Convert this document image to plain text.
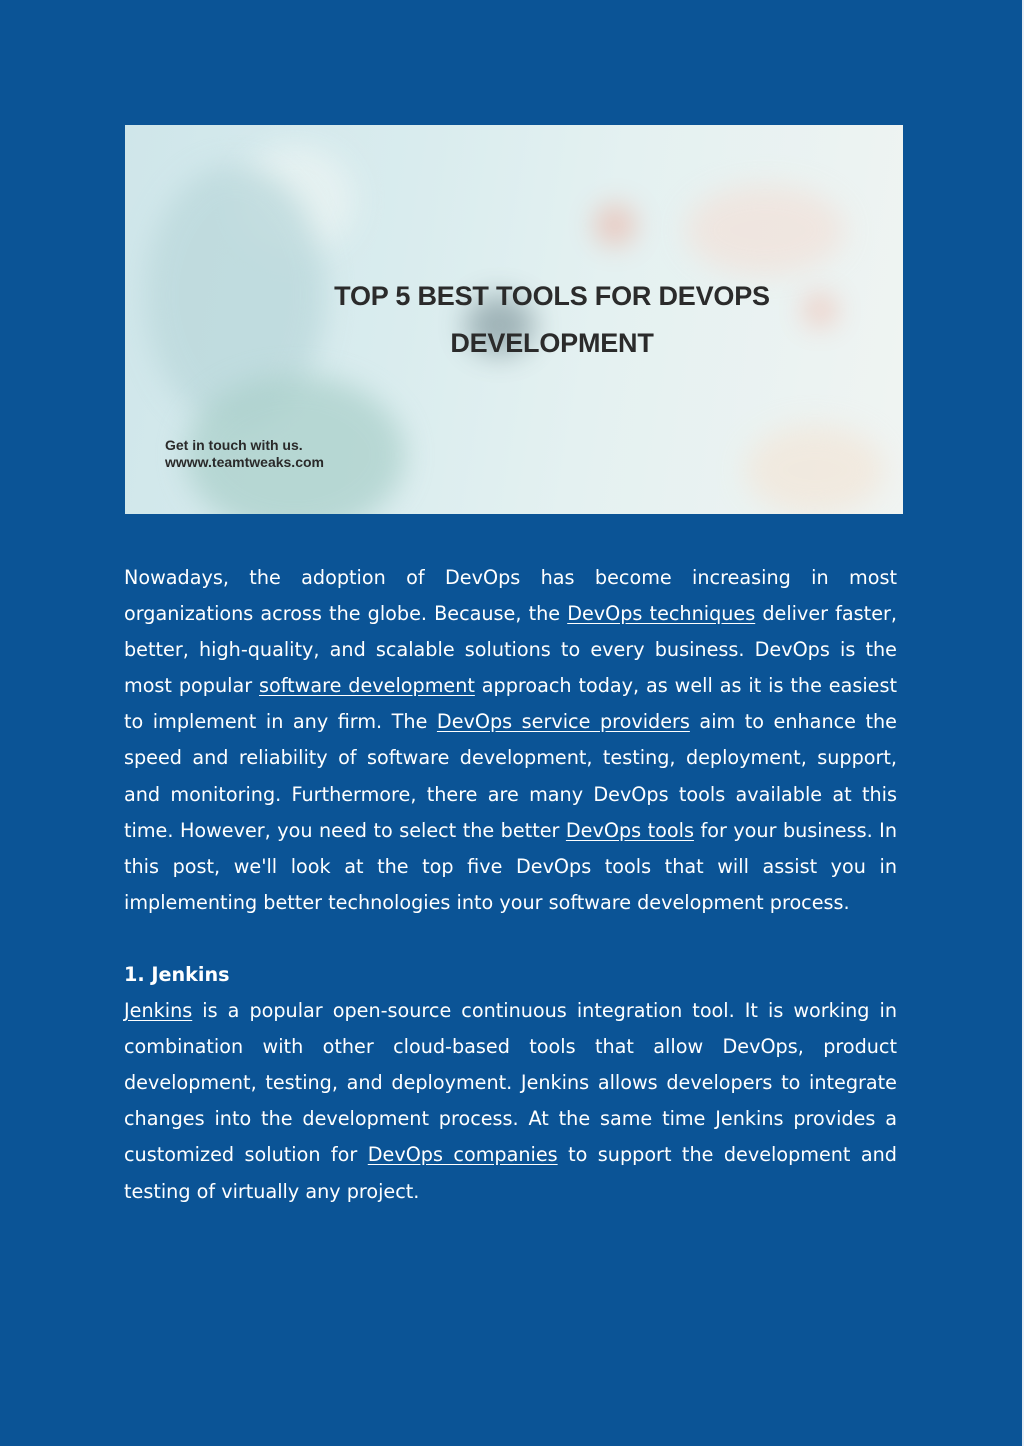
TOP 5 BEST TOOLS FOR DEVOPS
DEVELOPMENT
Get in touch with us.
wwww.teamtweaks.com

Nowadays, the adoption of DevOps has become increasing in most organizations across the globe. Because, the DevOps techniques deliver faster, better, high-quality, and scalable solutions to every business. DevOps is the most popular software development approach today, as well as it is the easiest to implement in any firm. The DevOps service providers aim to enhance the speed and reliability of software development, testing, deployment, support, and monitoring. Furthermore, there are many DevOps tools available at this time. However, you need to select the better DevOps tools for your business. In this post, we'll look at the top five DevOps tools that will assist you in implementing better technologies into your software development process.

1. Jenkins

Jenkins is a popular open-source continuous integration tool. It is working in combination with other cloud-based tools that allow DevOps, product development, testing, and deployment. Jenkins allows developers to integrate changes into the development process. At the same time Jenkins provides a customized solution for DevOps companies to support the development and testing of virtually any project.
